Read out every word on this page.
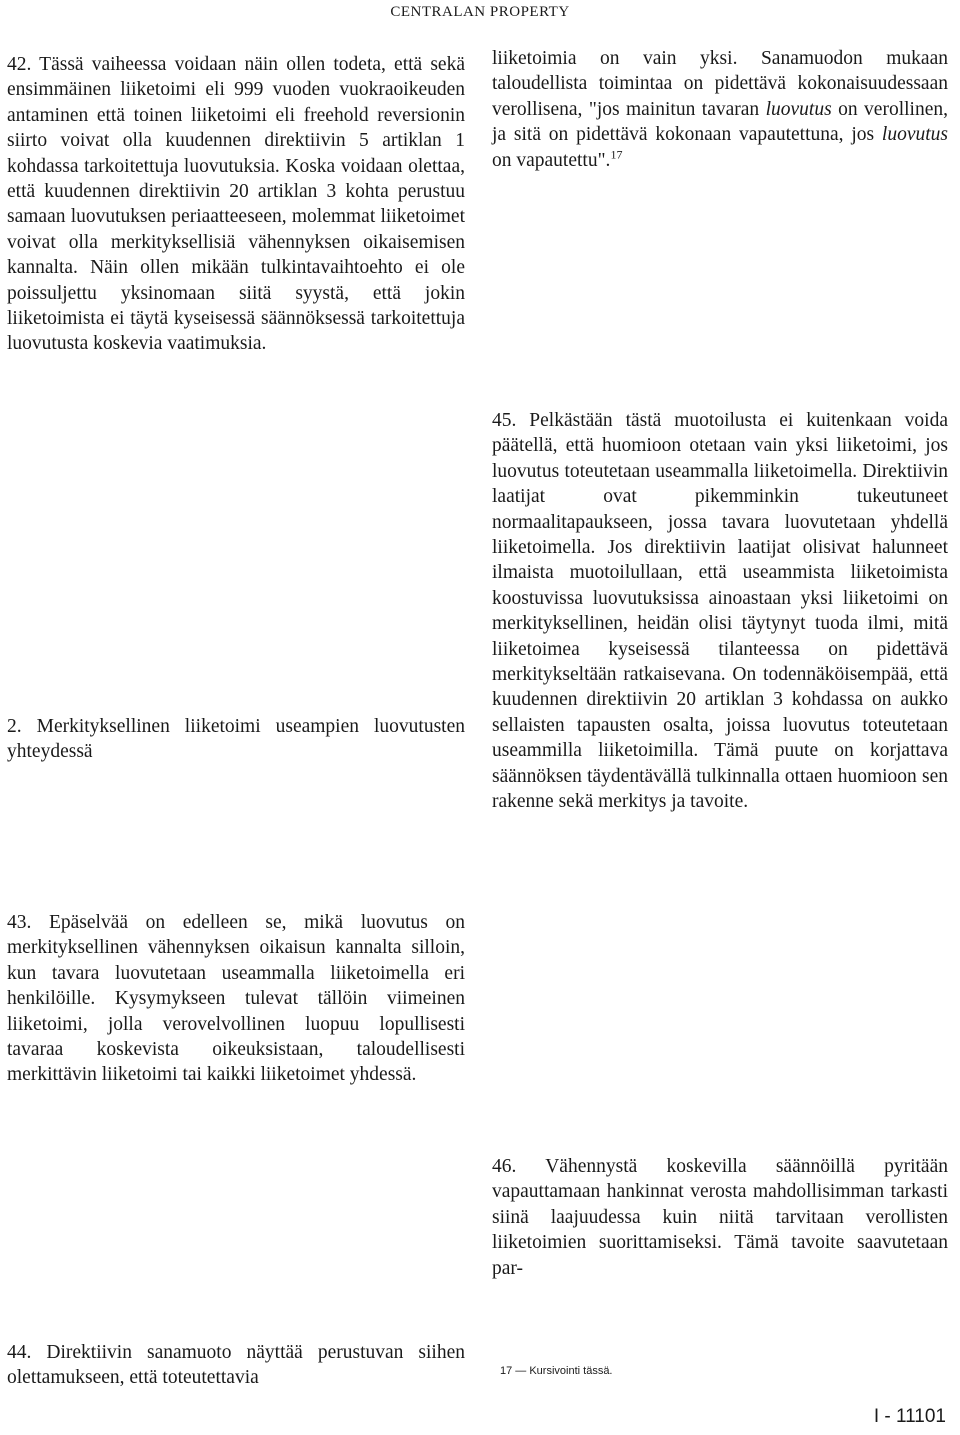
CENTRALAN PROPERTY

42. Tässä vaiheessa voidaan näin ollen todeta, että sekä ensimmäinen liiketoimi eli 999 vuoden vuokraoikeuden antaminen että toinen liiketoimi eli freehold reversionin siirto voivat olla kuudennen direktiivin 5 artiklan 1 kohdassa tarkoitettuja luovutuksia. Koska voidaan olettaa, että kuudennen direktiivin 20 artiklan 3 kohta perustuu samaan luovutuksen periaatteeseen, molemmat liiketoimet voivat olla merkityksellisiä vähennyksen oikaisemisen kannalta. Näin ollen mikään tulkintavaihtoehto ei ole poissuljettu yksinomaan siitä syystä, että jokin liiketoimista ei täytä kyseisessä säännöksessä tarkoitettuja luovutusta koskevia vaatimuksia.

2. Merkityksellinen liiketoimi useampien luovutusten yhteydessä

43. Epäselvää on edelleen se, mikä luovutus on merkityksellinen vähennyksen oikaisun kannalta silloin, kun tavara luovutetaan useammalla liiketoimella eri henkilöille. Kysymykseen tulevat tällöin viimeinen liiketoimi, jolla verovelvollinen luopuu lopullisesti tavaraa koskevista oikeuksistaan, taloudellisesti merkittävin liiketoimi tai kaikki liiketoimet yhdessä.

44. Direktiivin sanamuoto näyttää perustuvan siihen olettamukseen, että toteutettavia

liiketoimia on vain yksi. Sanamuodon mukaan taloudellista toimintaa on pidettävä kokonaisuudessaan verollisena, "jos mainitun tavaran luovutus on verollinen, ja sitä on pidettävä kokonaan vapautettuna, jos luovutus on vapautettu".$^{17}$

45. Pelkästään tästä muotoilusta ei kuitenkaan voida päätellä, että huomioon otetaan vain yksi liiketoimi, jos luovutus toteutetaan useammalla liiketoimella. Direktiivin laatijat ovat pikemminkin tukeutuneet normaalitapaukseen, jossa tavara luovutetaan yhdellä liiketoimella. Jos direktiivin laatijat olisivat halunneet ilmaista muotoilullaan, että useammista liiketoimista koostuvissa luovutuksissa ainoastaan yksi liiketoimi on merkityksellinen, heidän olisi täytynyt tuoda ilmi, mitä liiketoimea kyseisessä tilanteessa on pidettävä merkitykseltään ratkaisevana. On todennäköisempää, että kuudennen direktiivin 20 artiklan 3 kohdassa on aukko sellaisten tapausten osalta, joissa luovutus toteutetaan useammilla liiketoimilla. Tämä puute on korjattava säännöksen täydentävällä tulkinnalla ottaen huomioon sen rakenne sekä merkitys ja tavoite.

46. Vähennystä koskevilla säännöillä pyritään vapauttamaan hankinnat verosta mahdollisimman tarkasti siinä laajuudessa kuin niitä tarvitaan verollisten liiketoimien suorittamiseksi. Tämä tavoite saavutetaan par-

17 — Kursivointi tässä.
I - 11101
